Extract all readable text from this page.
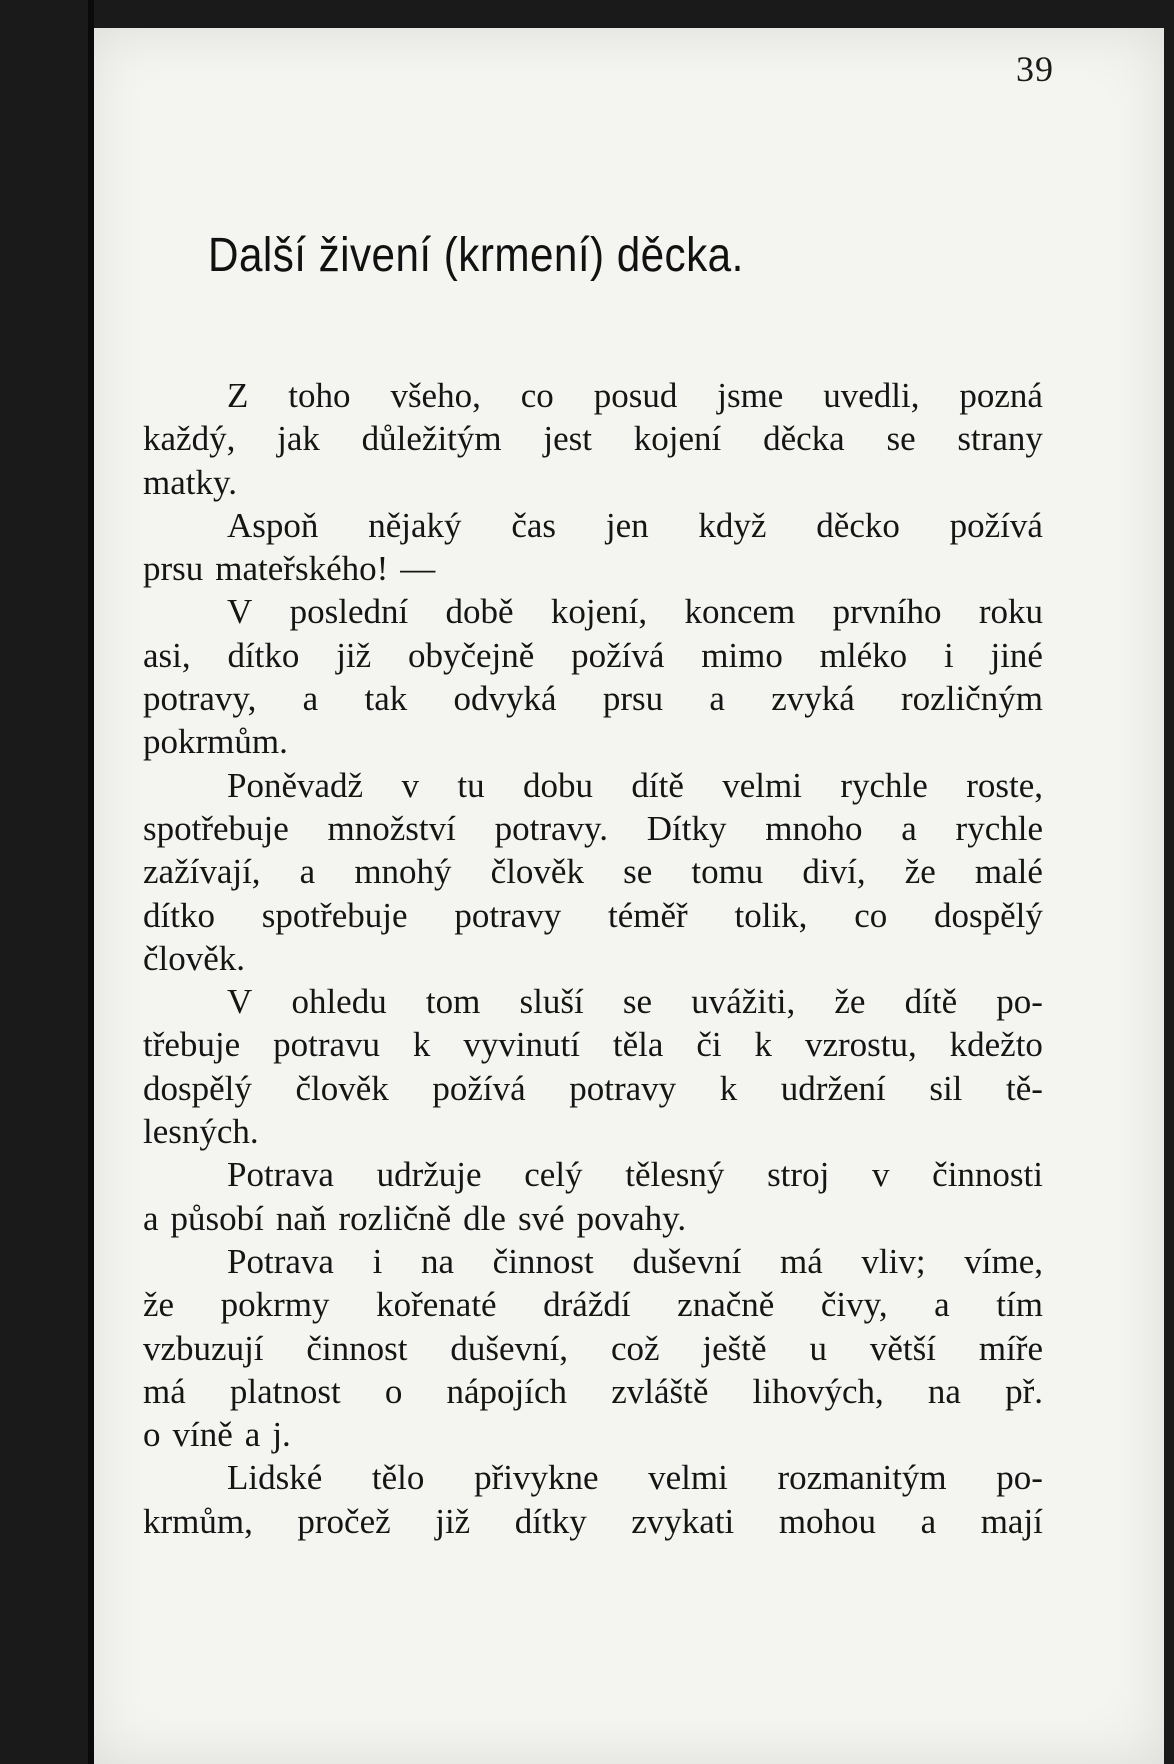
39
Další živení (krmení) děcka.
Z toho všeho, co posud jsme uvedli, pozná
každý, jak důležitým jest kojení děcka se strany
matky.
Aspoň nějaký čas jen když děcko požívá
prsu mateřského! —
V poslední době kojení, koncem prvního roku
asi, dítko již obyčejně požívá mimo mléko i jiné
potravy, a tak odvyká prsu a zvyká rozličným
pokrmům.
Poněvadž v tu dobu dítě velmi rychle roste,
spotřebuje množství potravy. Dítky mnoho a rychle
zažívají, a mnohý člověk se tomu diví, že malé
dítko spotřebuje potravy téměř tolik, co dospělý
člověk.
V ohledu tom sluší se uvážiti, že dítě po-
třebuje potravu k vyvinutí těla či k vzrostu, kdežto
dospělý člověk požívá potravy k udržení sil tě-
lesných.
Potrava udržuje celý tělesný stroj v činnosti
a působí naň rozličně dle své povahy.
Potrava i na činnost duševní má vliv; víme,
že pokrmy kořenaté dráždí značně čivy, a tím
vzbuzují činnost duševní, což ještě u větší míře
má platnost o nápojích zvláště lihových, na př.
o víně a j.
Lidské tělo přivykne velmi rozmanitým po-
krmům, pročež již dítky zvykati mohou a mají
